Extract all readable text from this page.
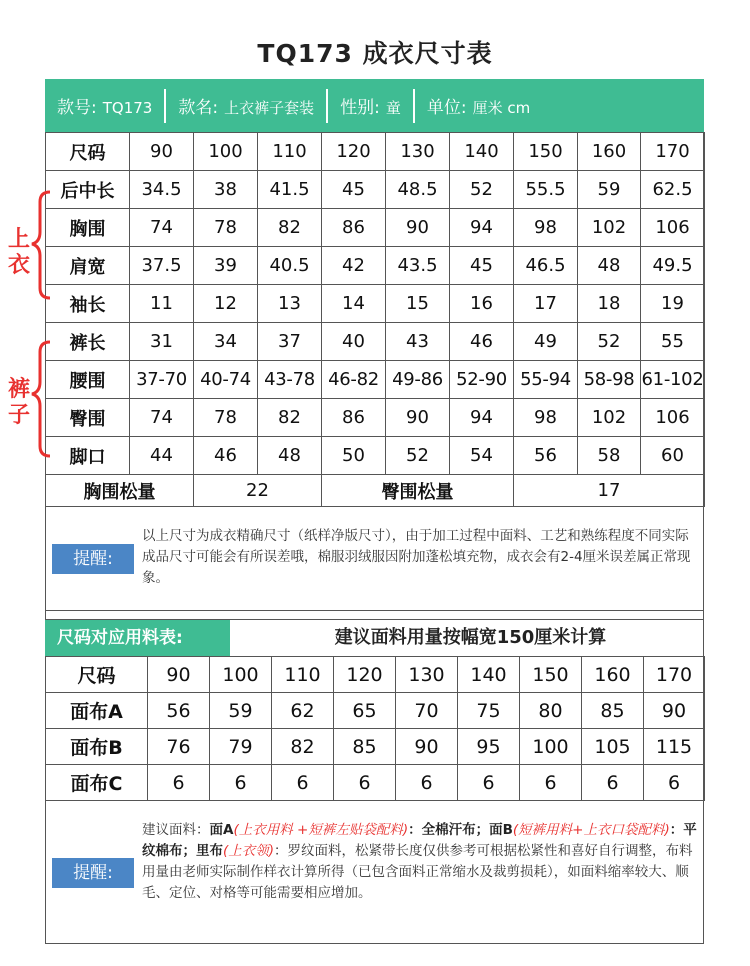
TQ173 成衣尺寸表
款号: TQ173	款名: 上衣裤子套装	性别: 童	单位: 厘米 cm
尺码	90	100	110	120	130	140	150	160	170
后中长	34.5	38	41.5	45	48.5	52	55.5	59	62.5
胸围	74	78	82	86	90	94	98	102	106
肩宽	37.5	39	40.5	42	43.5	45	46.5	48	49.5
袖长	11	12	13	14	15	16	17	18	19
裤长	31	34	37	40	43	46	49	52	55
腰围	37-70	40-74	43-78	46-82	49-86	52-90	55-94	58-98	61-102
臀围	74	78	82	86	90	94	98	102	106
脚口	44	46	48	50	52	54	56	58	60
胸围松量	22	臀围松量	17
提醒:
以上尺寸为成衣精确尺寸（纸样净版尺寸），由于加工过程中面料、工艺和熟练程度不同实际成品尺寸可能会有所误差哦，棉服羽绒服因附加蓬松填充物，成衣会有2-4厘米误差属正常现象。
尺码对应用料表:	建议面料用量按幅宽150厘米计算
尺码	90	100	110	120	130	140	150	160	170
面布A	56	59	62	65	70	75	80	85	90
面布B	76	79	82	85	90	95	100	105	115
面布C	6	6	6	6	6	6	6	6	6
提醒:
建议面料：面A(上衣用料 +短裤左贴袋配料)：全棉汗布；面B(短裤用料+上衣口袋配料)：平纹棉布；里布(上衣领)：罗纹面料，松紧带长度仅供参考可根据松紧性和喜好自行调整，布料用量由老师实际制作样衣计算所得（已包含面料正常缩水及裁剪损耗），如面料缩率较大、顺毛、定位、对格等可能需要相应增加。
上
衣
裤
子
